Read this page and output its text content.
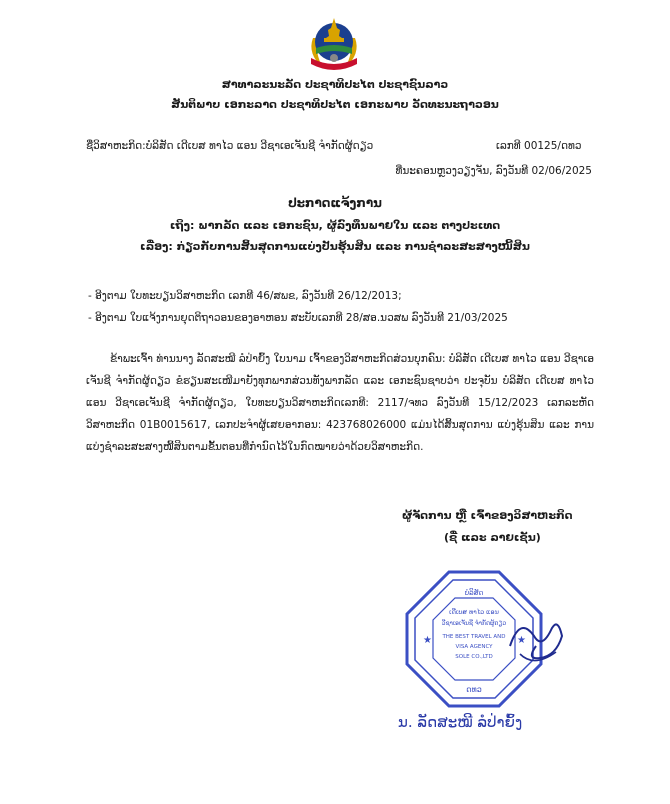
ສາທາລະນະລັດ ປະຊາທິປະໄຕ ປະຊາຊົນລາວ
ສັນຕິພາບ ເອກະລາດ ປະຊາທິປະໄຕ ເອກະພາບ ວັດທະນະຖາວອນ
ຊື່ວິສາຫະກິດ:ບໍລິສັດ ເດີເບສ ທາໄວ ແອນ ວີຊາເອເຈັນຊີ ຈຳກັດຜູ້ດຽວ	ເລກທີ 00125/ດທວ
ທີ່ນະຄອນຫຼວງວຽງຈັນ, ລົງວັນທີ 02/06/2025
ປະກາດແຈ້ງການ
ເຖິງ: ພາກລັດ ແລະ ເອກະຊົນ, ຜູ້ລົງທຶນພາຍໃນ ແລະ ຕາງປະເທດ
ເລື່ອງ: ກ່ຽວກັບການສິ້ນສຸດການແບ່ງປັນຮຸ້ນສິນ ແລະ ການຊຳລະສະສາງໜີ້ສິນ
- ອີງຕາມ ໃບທະບຽນວິສາຫະກິດ ເລກທີ 46/ສພຂ, ລົງວັນທີ 26/12/2013;
- ອີງຕາມ ໃບແຈ້ງການຍຸດຕິຖາວອນຂອງອາຫອນ ສະບັບເລກທີ 28/ສອ.ນວສພ ລົງວັນທີ 21/03/2025

ຂ້າພະເຈົ້າ ທ່ານນາງ ລັດສະໝີ ລໍປ່າຍົ້ງ ໃບນາມ ເຈົ້າຂອງວິສາຫະກິດສ່ວນບຸກຄົນ: ບໍລິສັດ ເດີເບສ ທາໄວ ແອນ ວີຊາເອເຈັນຊີ ຈຳກັດຜູ້ດຽວ ຂໍຮຽນສະເໜີມາຍັງທຸກພາກສ່ວນທັງພາກລັດ ແລະ ເອກະຊົນຊາບວ່າ ປະຈຸບັນ ບໍລິສັດ ເດີເບສ ທາໄວ ແອນ ວີຊາເອເຈັນຊີ ຈຳກັດຜູ້ດຽວ, ໃບທະບຽນວິສາຫະກິດເລກທີ: 2117/ຈທວ ລົງວັນທີ 15/12/2023 ເລກລະຫັດວິສາຫະກິດ 01B0015617, ເລກປະຈຳຜູ້ເສຍອາກອນ: 423768026000 ແມ່ນໄດ້ສິ້ນສຸດການ ແບ່ງຮຸ້ນສິນ ແລະ ການແບ່ງຊຳລະສະສາງໜີ້ສິນຕາມຂັ້ນຕອນທີ່ກຳນົດໄວ້ໃນກົດໝາຍວ່າດ້ວຍວິສາຫະກິດ.

ຜູ້ຈັດການ ຫຼື ເຈົ້າຂອງວິສາຫະກິດ
(ຊື່ ແລະ ລາຍເຊັນ)
★	★
ບໍລິສັດ
ເດີເບສ ທາໄວ ແອນ
ວີຊາເອເຈັນຊີ ຈຳກັດຜູ້ດຽວ
THE BEST TRAVEL AND
VISA AGENCY
SOLE CO.,LTD
ດທວ
ນ. ລັດສະໝີ ລໍປ່າຍົ້ງ
